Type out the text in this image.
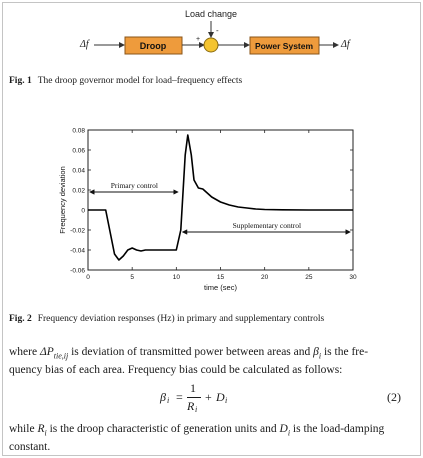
Load change
Δf	Droop
+
-
Power System	Δf
Fig. 1 The droop governor model for load–frequency effects
-0.06
-0.04
-0.02
0
0.02
0.04
0.06
0.08
0	5	10	15	20	25	30
time (sec)
Frequency deviation	Primary control
Supplementary control
Fig. 2 Frequency deviation responses (Hz) in primary and supplementary controls
where $\Delta P_{tie,ij}$ is deviation of transmitted power between areas and $\beta_i$ is the fre-
quency bias of each area. Frequency bias could be calculated as follows:
β i =
1
R i
+ D i	(2)
while $R_i$ is the droop characteristic of generation units and $D_i$ is the load-damping
constant.
